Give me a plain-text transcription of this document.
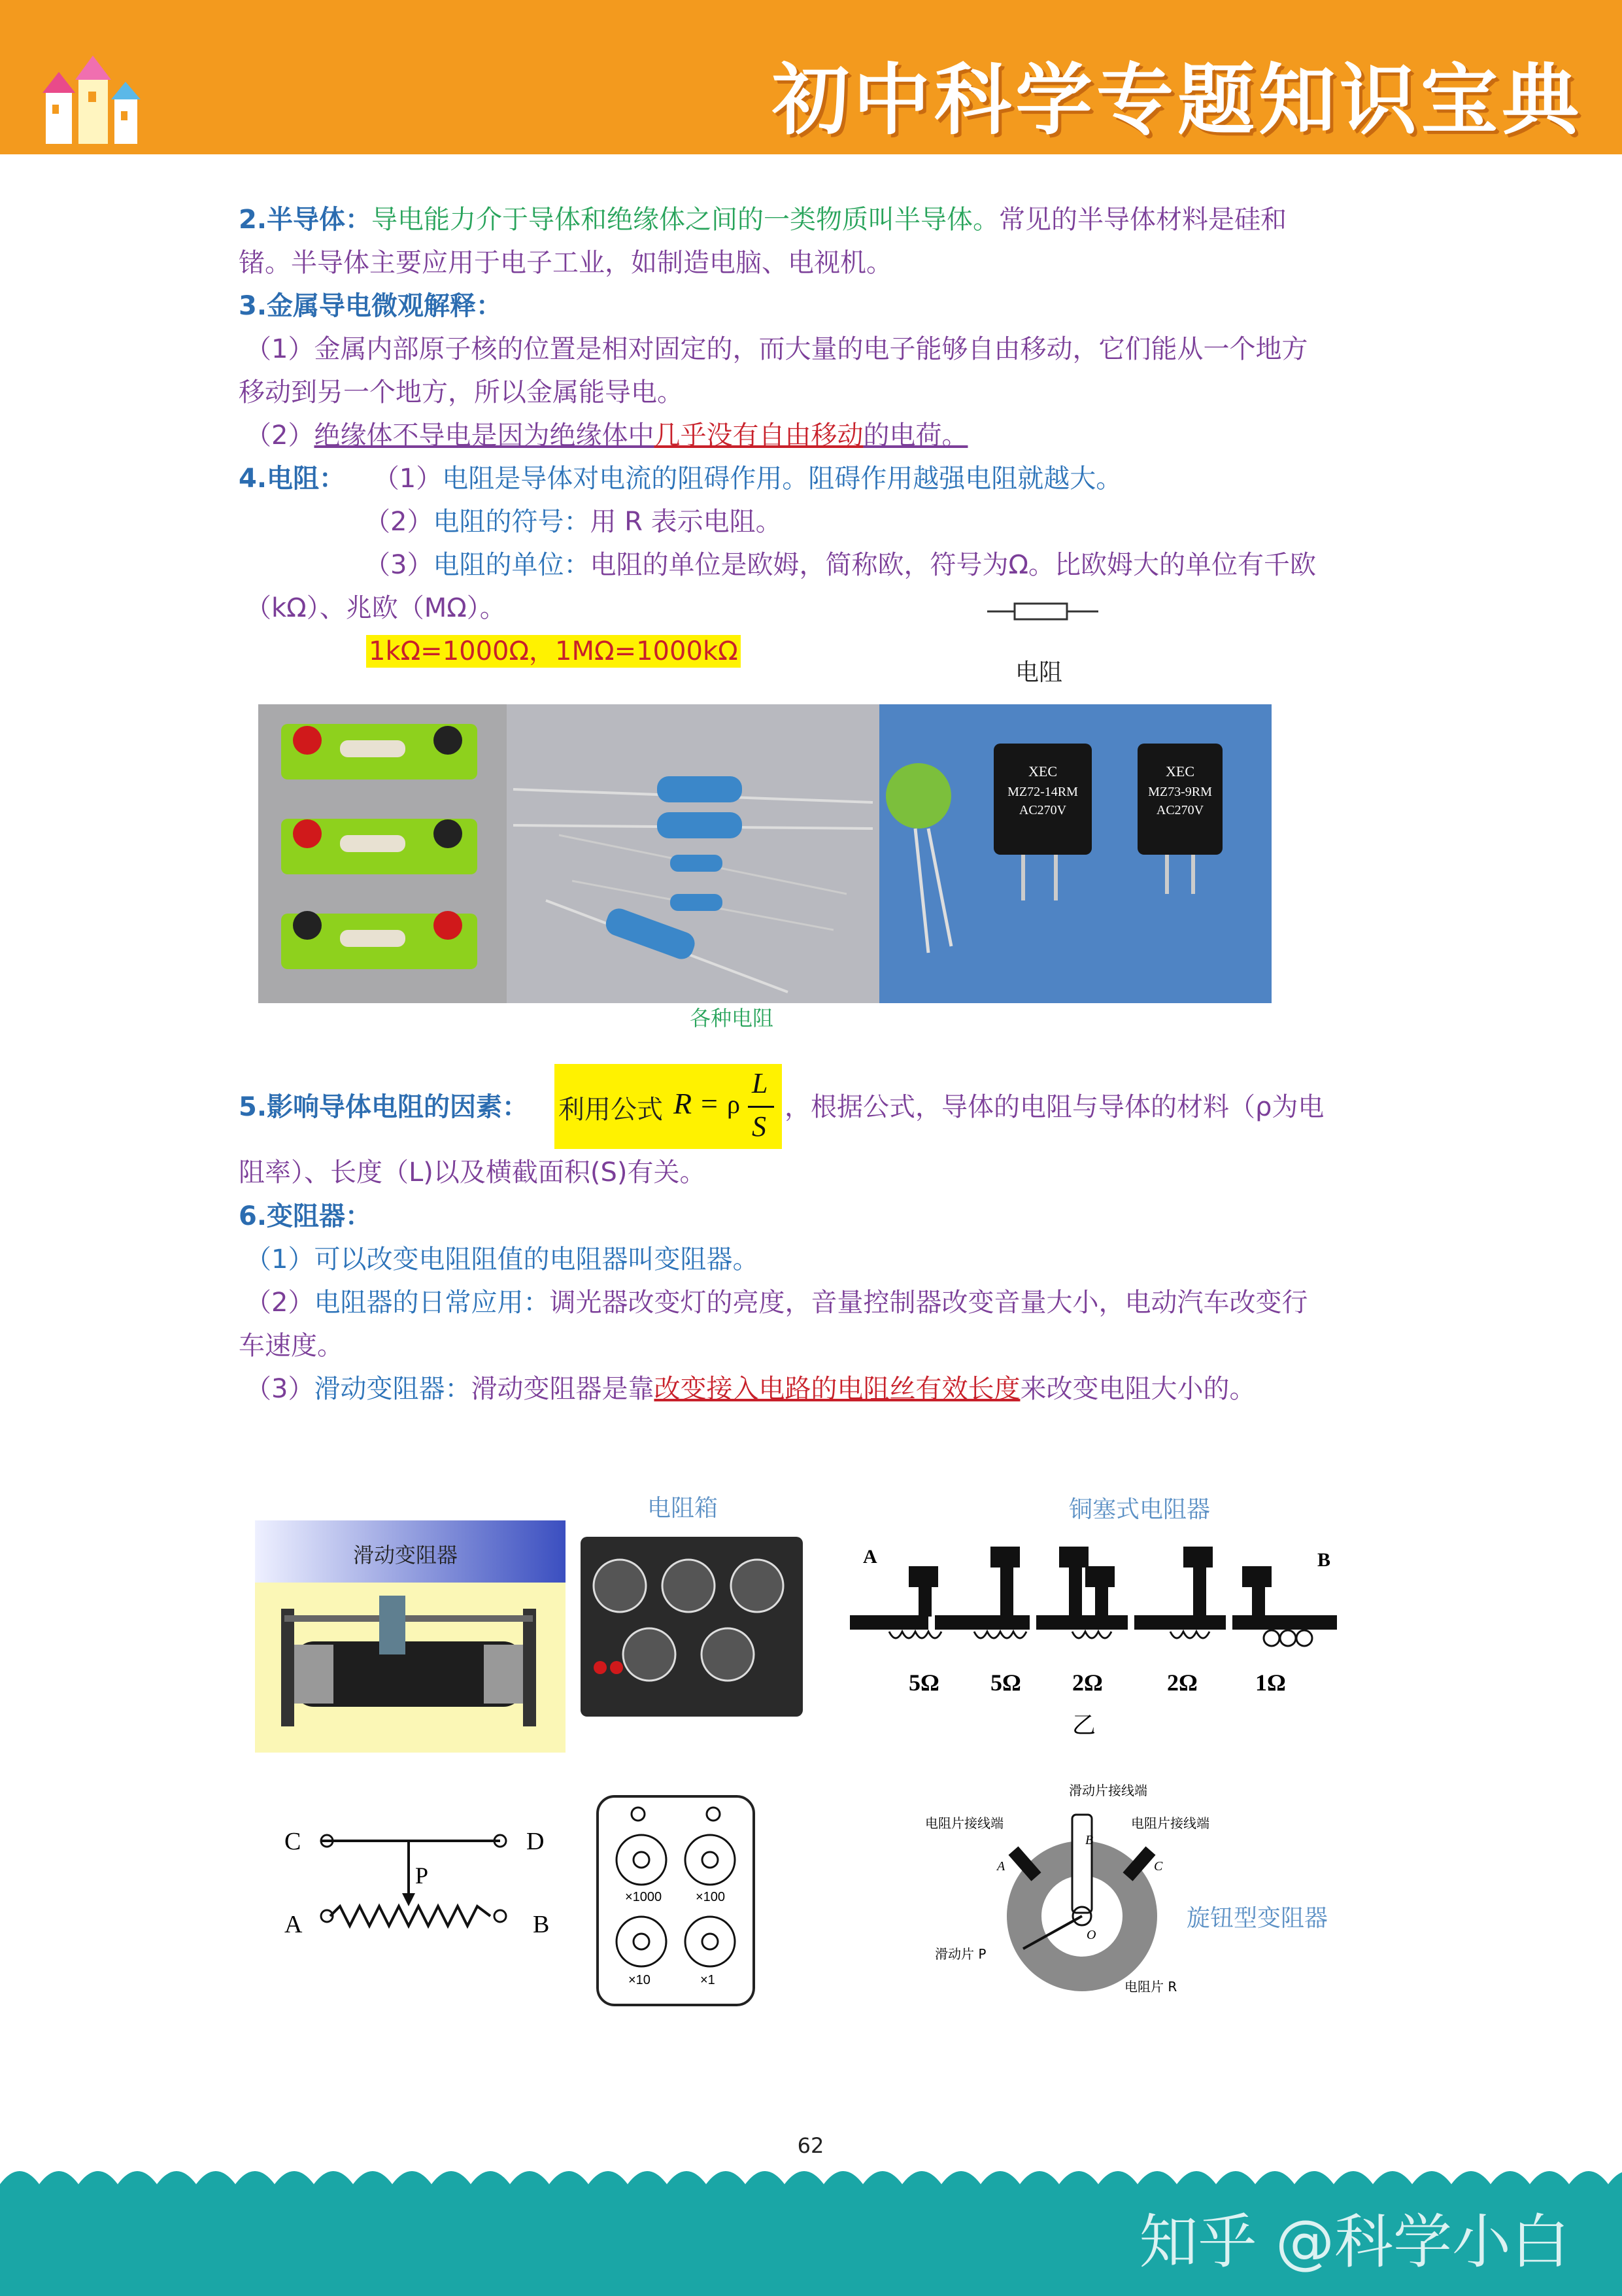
初中科学专题知识宝典
2.半导体：导电能力介于导体和绝缘体之间的一类物质叫半导体。常见的半导体材料是硅和
锗。半导体主要应用于电子工业，如制造电脑、电视机。
3.金属导电微观解释：
（1）金属内部原子核的位置是相对固定的，而大量的电子能够自由移动，它们能从一个地方
移动到另一个地方，所以金属能导电。
（2）绝缘体不导电是因为绝缘体中几乎没有自由移动的电荷。
4.电阻： （1）电阻是导体对电流的阻碍作用。阻碍作用越强电阻就越大。
（2）电阻的符号：用 R 表示电阻。
（3）电阻的单位：电阻的单位是欧姆，简称欧，符号为Ω。比欧姆大的单位有千欧
（kΩ）、兆欧（MΩ）。
1kΩ=1000Ω，1MΩ=1000kΩ
电阻
XEC
MZ72-14RM
AC270V
XEC
MZ73-9RM
AC270V
各种电阻
5.影响导体电阻的因素： 利用公式 R = ρ
L
S
，根据公式，导体的电阻与导体的材料（ρ为电
阻率）、长度（L)以及横截面积(S)有关。
6.变阻器：
（1）可以改变电阻阻值的电阻器叫变阻器。
（2）电阻器的日常应用：调光器改变灯的亮度，音量控制器改变音量大小，电动汽车改变行
车速度。
（3）滑动变阻器：滑动变阻器是靠改变接入电路的电阻丝有效长度来改变电阻大小的。
滑动变阻器
电阻箱	铜塞式电阻器
A	B
5Ω 5Ω 2Ω	2Ω 1Ω
乙
C	D
P
A	B
×1000	×100
×10	×1
滑动片接线端
电阻片接线端	电阻片接线端
滑动片 P
电阻片 R
A
B
C
O
旋钮型变阻器
62
知乎 @科学小白
